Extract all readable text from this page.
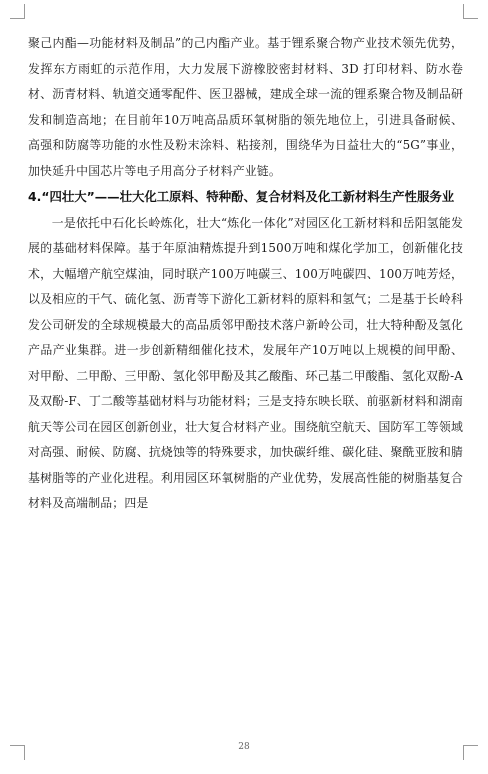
聚己内酯—功能材料及制品”的己内酯产业。基于锂系聚合物产业技术领先优势，发挥东方雨虹的示范作用，大力发展下游橡胶密封材料、3D 打印材料、防水卷材、沥青材料、轨道交通零配件、医卫器械，建成全球一流的锂系聚合物及制品研发和制造高地；在目前年10万吨高品质环氧树脂的领先地位上，引进具备耐候、高强和防腐等功能的水性及粉末涂料、粘接剂，围绕华为日益壮大的“5G”事业，加快延升中国芯片等电子用高分子材料产业链。

4.“四壮大”——壮大化工原料、特种酚、复合材料及化工新材料生产性服务业

一是依托中石化长岭炼化，壮大“炼化一体化”对园区化工新材料和岳阳氢能发展的基础材料保障。基于年原油精炼提升到1500万吨和煤化学加工，创新催化技术，大幅增产航空煤油，同时联产100万吨碳三、100万吨碳四、100万吨芳烃，以及相应的干气、硫化氢、沥青等下游化工新材料的原料和氢气；二是基于长岭科发公司研发的全球规模最大的高品质邻甲酚技术落户新岭公司，壮大特种酚及氢化产品产业集群。进一步创新精细催化技术，发展年产10万吨以上规模的间甲酚、对甲酚、二甲酚、三甲酚、氢化邻甲酚及其乙酸酯、环己基二甲酸酯、氢化双酚-A及双酚-F、丁二酸等基础材料与功能材料；三是支持东映长联、前驱新材料和湖南航天等公司在园区创新创业，壮大复合材料产业。围绕航空航天、国防军工等领域对高强、耐候、防腐、抗烧蚀等的特殊要求，加快碳纤维、碳化硅、聚酰亚胺和腈基树脂等的产业化进程。利用园区环氧树脂的产业优势，发展高性能的树脂基复合材料及高端制品；四是

28
